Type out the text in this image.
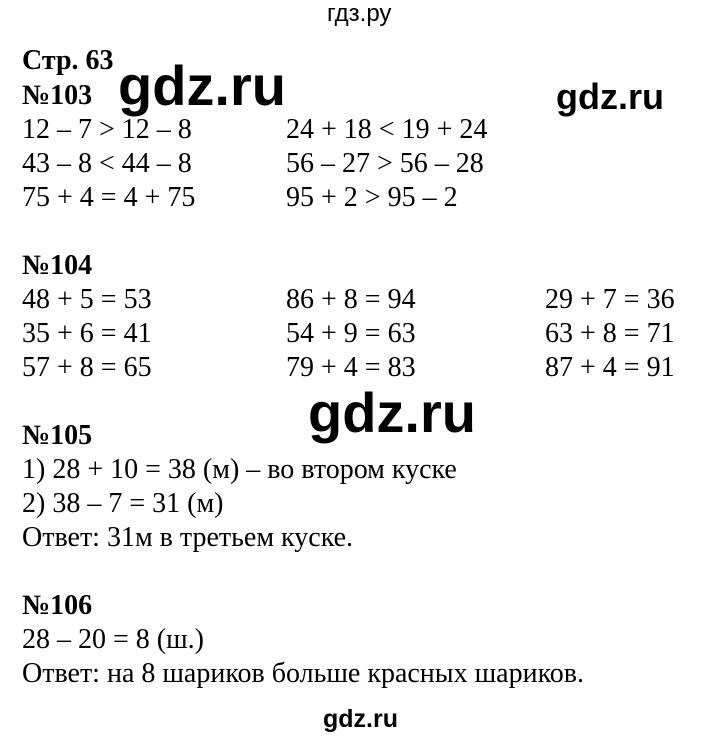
гдз.ру
gdz.ru	gdz.ru
gdz.ru
gdz.ru
Стр. 63
№103
12 – 7 > 12 – 8
43 – 8 < 44 – 8
75 + 4 = 4 + 75
24 + 18 < 19 + 24
56 – 27 > 56 – 28
95 + 2 > 95 – 2
№104
48 + 5 = 53
35 + 6 = 41
57 + 8 = 65
86 + 8 = 94
54 + 9 = 63
79 + 4 = 83
29 + 7 = 36
63 + 8 = 71
87 + 4 = 91
№105
1) 28 + 10 = 38 (м) – во втором куске
2) 38 – 7 = 31 (м)
Ответ: 31м в третьем куске.
№106
28 – 20 = 8 (ш.)
Ответ: на 8 шариков больше красных шариков.
